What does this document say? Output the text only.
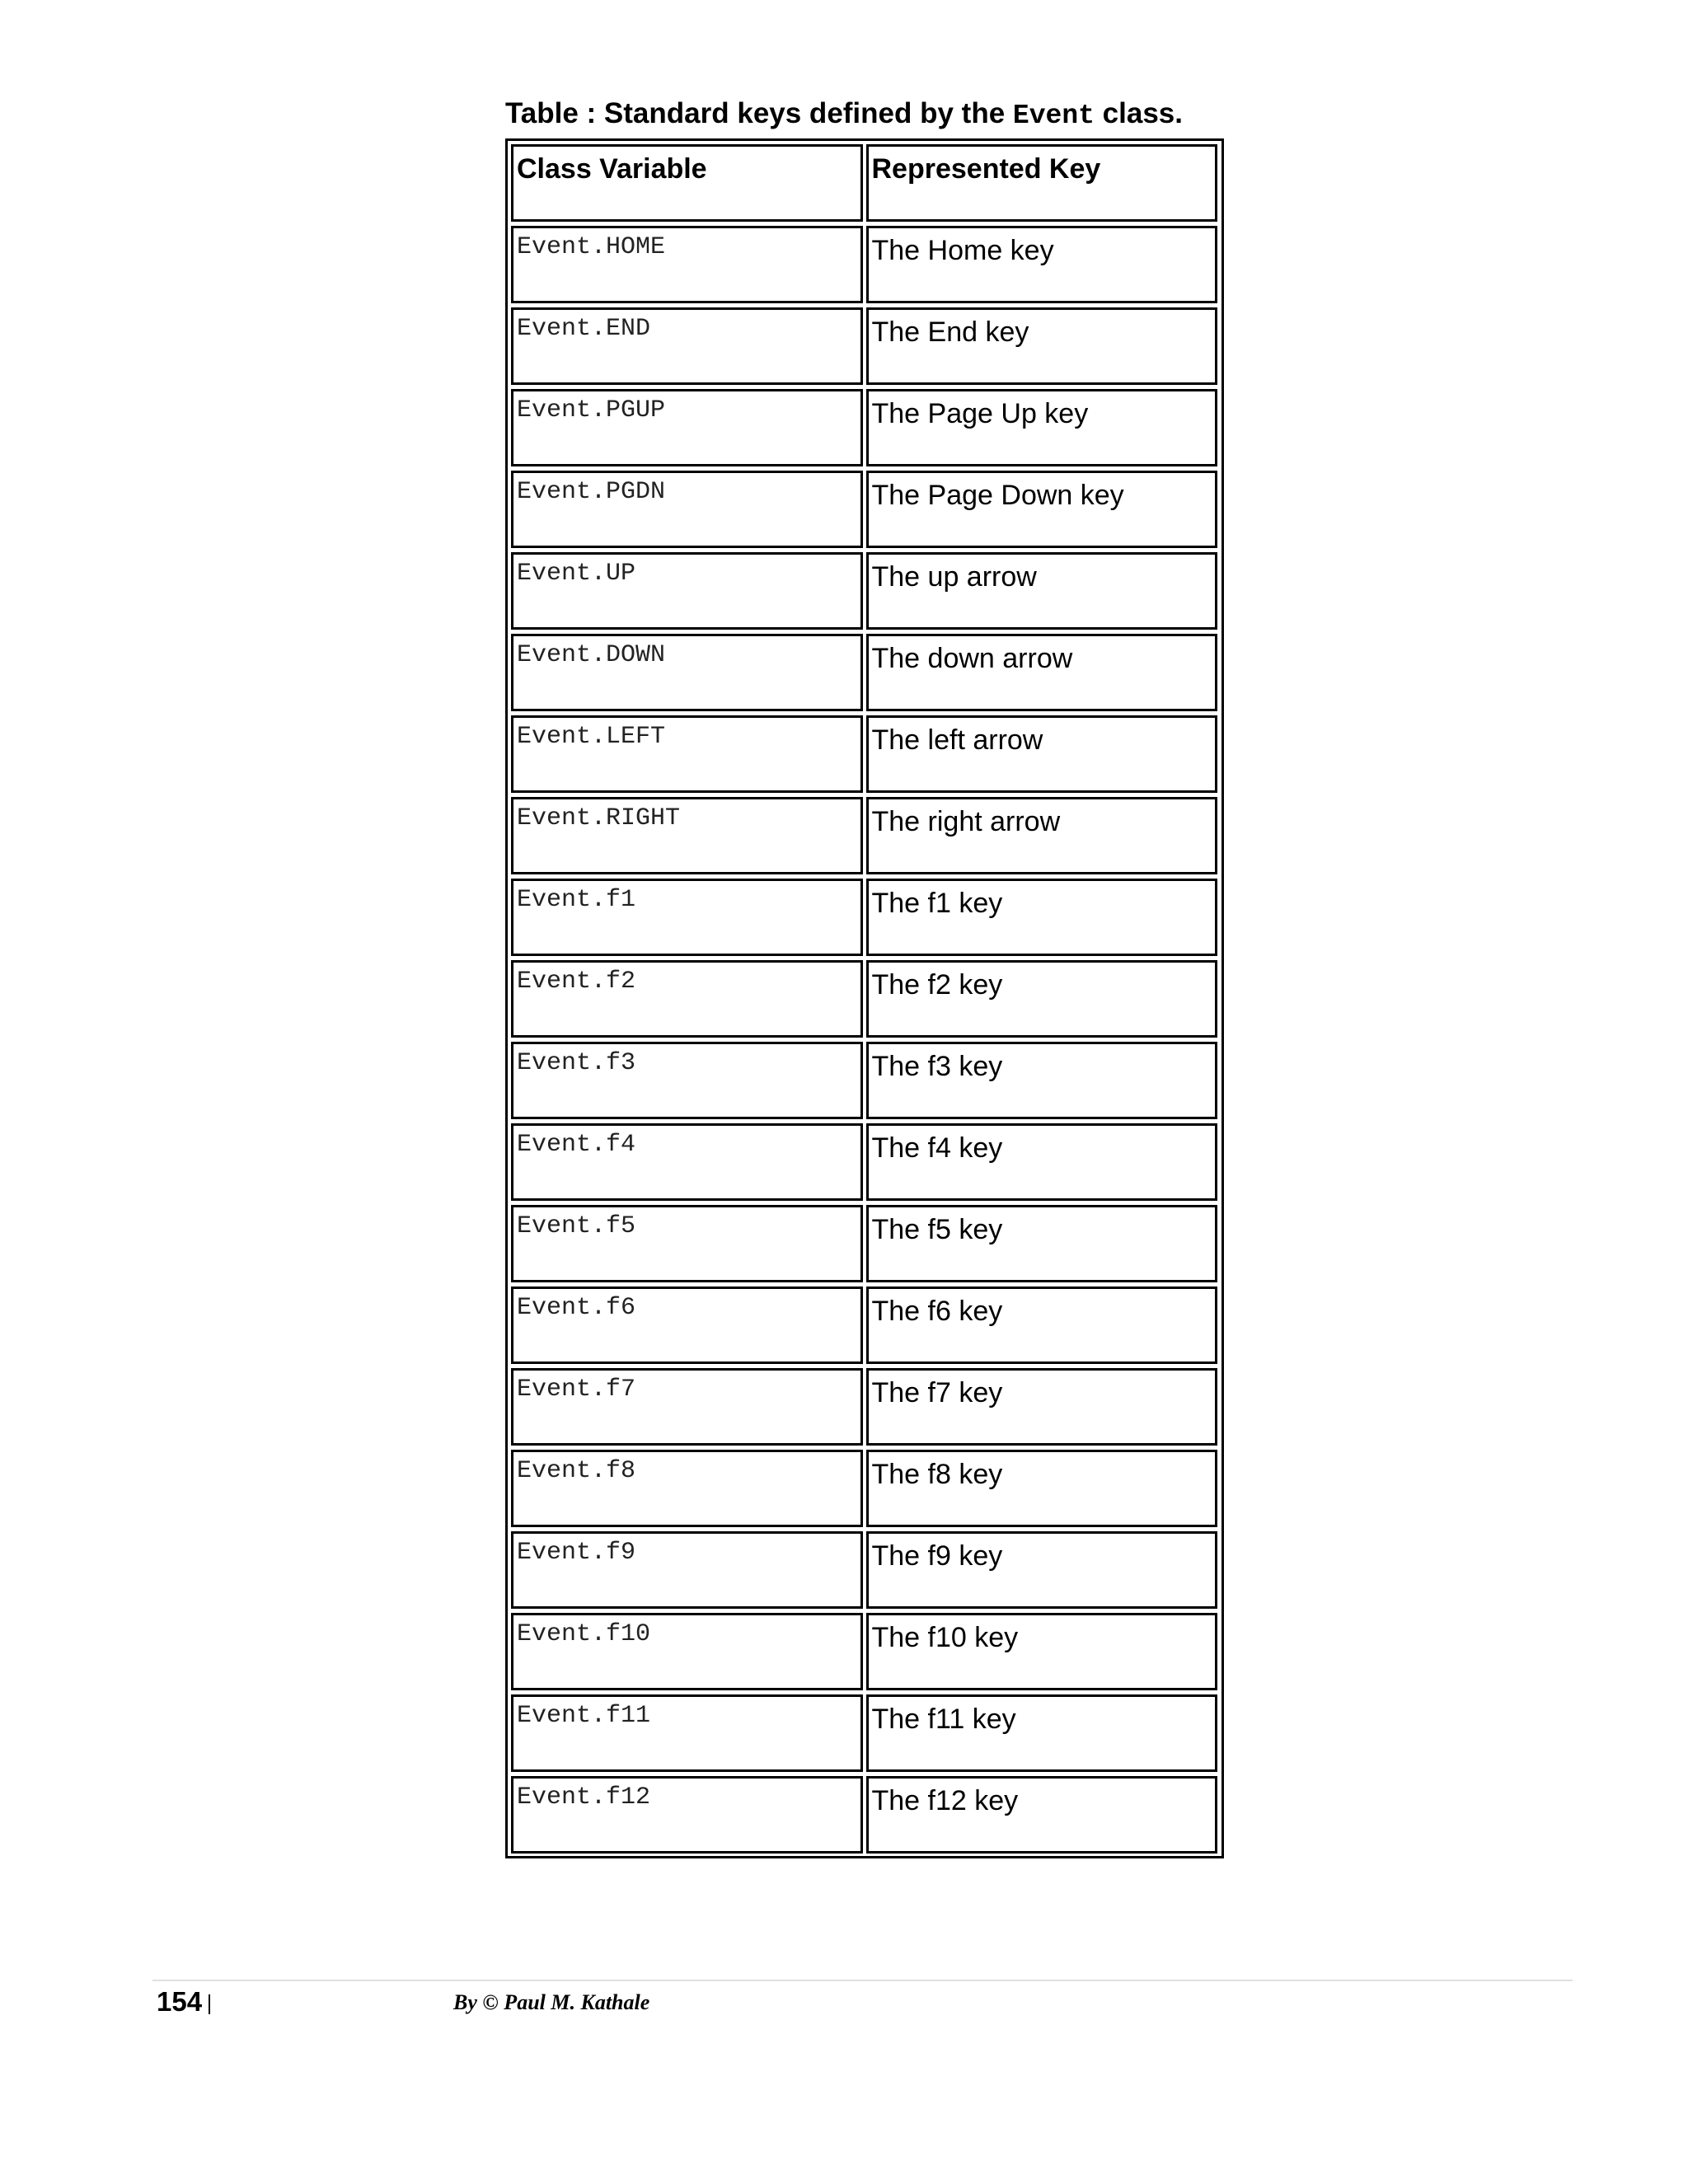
Table : Standard keys defined by the Event class.
Class Variable	Represented Key
Event.HOME	The Home key
Event.END	The End key
Event.PGUP	The Page Up key
Event.PGDN	The Page Down key
Event.UP	The up arrow
Event.DOWN	The down arrow
Event.LEFT	The left arrow
Event.RIGHT	The right arrow
Event.f1	The f1 key
Event.f2	The f2 key
Event.f3	The f3 key
Event.f4	The f4 key
Event.f5	The f5 key
Event.f6	The f6 key
Event.f7	The f7 key
Event.f8	The f8 key
Event.f9	The f9 key
Event.f10	The f10 key
Event.f11	The f11 key
Event.f12	The f12 key
154	By © Paul M. Kathale
